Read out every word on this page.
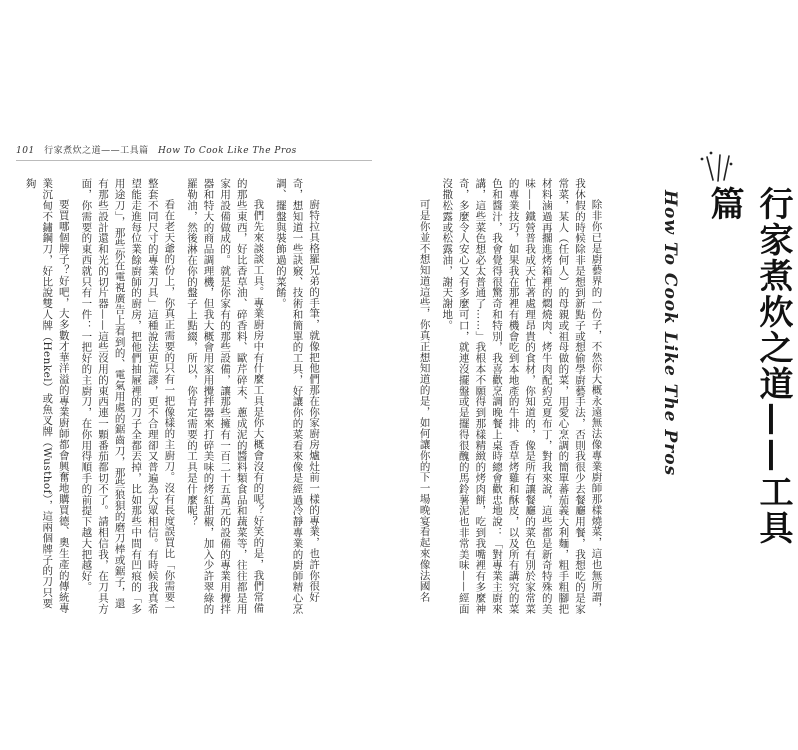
101 行家煮炊之道——工具篇 How To Cook Like The Pros

廚特拉具格羅兄弟的手筆，就像把他們那在你家廚房爐灶前一樣的專業，也許你很好奇，想知道一些訣竅、技術和簡單的工具，好讓你的菜看來像是經過冷靜專業的廚師精心烹調、擺盤與裝飾過的菜餚。

我們先來談談工具。專業廚房中有什麼工具是你大概會沒有的呢？好笑的是，我們常備的那些東西，好比香草油、碎香料、歐芹碎末、蔥成泥的醬料類食品和蔬菜等，往往都是用家用設備做成的。就是你家有的那些設備，讓那些擁有一百二十五萬元的設備的專業用攪拌器和特大的商品調理機，但我大概會用家用攪拌器來打碎美味的烤紅甜椒，加入少許翠綠的羅勒油，然後淋在你的盤子上點綴，所以，你肯定需要的工具是什麼呢？

看在老天爺的份上，你真正需要的只有一把像樣的主廚刀。沒有長度誤買比「你需要一整套不同尺寸的專業刀具」這種說法更荒謬，更不合理卻又普遍為大眾相信。有時候我真希望能走進每位業餘廚師的廚房，把他們抽屜裡的刀子全都丟掉，比如那些中間有凹痕的「多用途刀」，那些你在電視廣告上看到的、電氣用處的鋸齒刀，那些狼狽的磨刀棒或鋸子，還有那些設計還和光的切片器——這些沒用的東西連一顆番茄都切不了。請相信我，在刀具方面，你需要的東西就只有一件：一把好的主廚刀，在你用得順手的前提下越大把越好。

要買哪個牌子？好吧，大多數才華洋溢的專業廚師都會興奮地購買德、奧生產的傳統專業沉甸不鏽鋼刀，好比說雙人牌（Henkel）或魚叉牌（Wusthof），這兩個牌子的刀只要夠

除非你已是廚藝界的一份子，不然你大概永遠無法像專業廚師那樣燒菜，這也無所謂，我休假的時候除非是想到新點子或想偷學廚藝手法，否則我很少去餐廳用餐，我想吃的是家常菜，某人（任何人）的母親或祖母做的菜，用愛心烹調的簡單蕃茄義大利麵，粗手粗腳把材料滷過再擱進烤箱裡的燜燒肉、烤牛肉配約克夏布丁，對我來說，這些都是新奇特殊的美味——鐵營普我成天忙著處理昂貴的食材，你知道的，像是所有讓餐廳的菜色有別於家常菜的專業技巧，如果我在那裡有機會吃到本地產的牛排、香草烤雞和酥皮，以及所有講究的菜色和醬汁，我會覺得很驚奇和特別，我喜歡烹調晚餐上桌時總會歡忠地說：「對專業主廚來講，這些菜色想必太普通了……」我根本不願得到那樣精緻的烤肉餅，吃到我嘴裡有多麼神奇，多麼令人安心又有多麼可口，就連沒擺盤或是擺得很醜的馬鈴薯泥也非常美味——經面沒撒松露或松露油，謝天謝地。

可是你並不想知道這些，你真正想知道的是，如何讓你的下一場晚宴看起來像法國名	行家煮炊之道——工具篇
How To Cook Like The Pros
